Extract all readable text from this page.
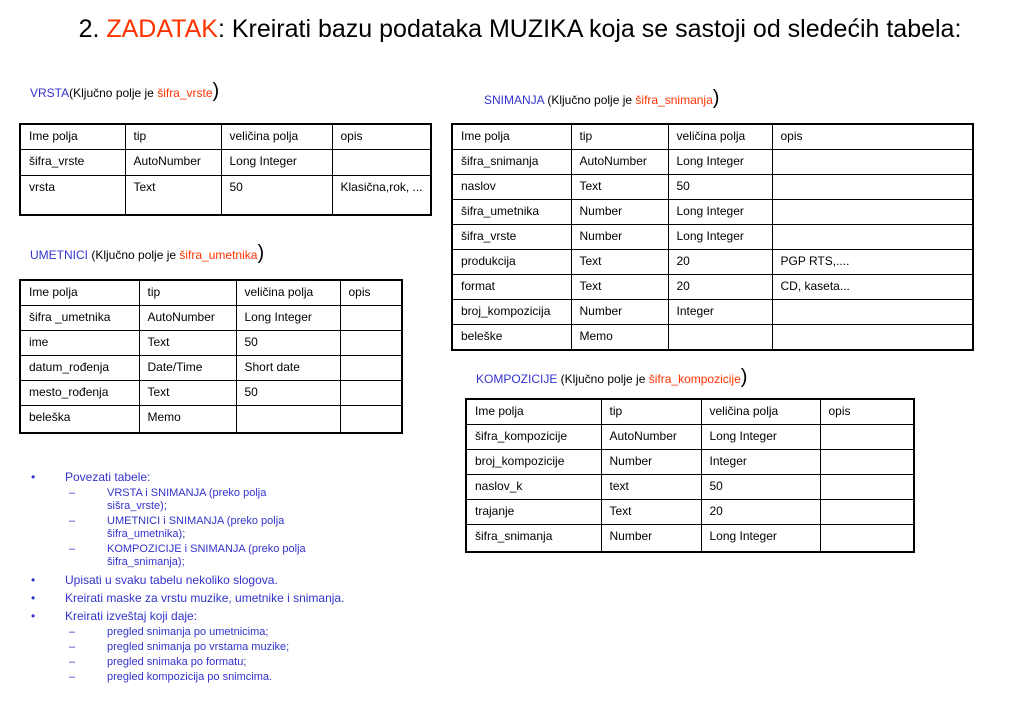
2. ZADATAK: Kreirati bazu podataka MUZIKA koja se sastoji od sledećih tabela:
VRSTA(Ključno polje je šifra_vrste)
Ime polja	tip	veličina polja	opis
šifra_vrste	AutoNumber	Long Integer	
vrsta	Text	50	Klasična,rok, ...
UMETNICI (Ključno polje je šifra_umetnika)
Ime polja	tip	veličina polja	opis
šifra _umetnika	AutoNumber	Long Integer	
ime	Text	50	
datum_rođenja	Date/Time	Short date	
mesto_rođenja	Text	50	
beleška	Memo		
SNIMANJA (Ključno polje je šifra_snimanja)
Ime polja	tip	veličina polja	opis
šifra_snimanja	AutoNumber	Long Integer	
naslov	Text	50	
šifra_umetnika	Number	Long Integer	
šifra_vrste	Number	Long Integer	
produkcija	Text	20	PGP RTS,....
format	Text	20	CD, kaseta...
broj_kompozicija	Number	Integer	
beleške	Memo		
KOMPOZICIJE (Ključno polje je šifra_kompozicije)
Ime polja	tip	veličina polja	opis
šifra_kompozicije	AutoNumber	Long Integer	
broj_kompozicije	Number	Integer	
naslov_k	text	50	
trajanje	Text	20	
šifra_snimanja	Number	Long Integer	
• Povezati tabele:
– VRSTA i SNIMANJA (preko polja sišra_vrste);
– UMETNICI i SNIMANJA (preko polja šifra_umetnika);
– KOMPOZICIJE i SNIMANJA (preko polja šifra_snimanja);
• Upisati u svaku tabelu nekoliko slogova.
• Kreirati maske za vrstu muzike, umetnike i snimanja.
• Kreirati izveštaj koji daje:
– pregled snimanja po umetnicima;
– pregled snimanja po vrstama muzike;
– pregled snimaka po formatu;
– pregled kompozicija po snimcima.
